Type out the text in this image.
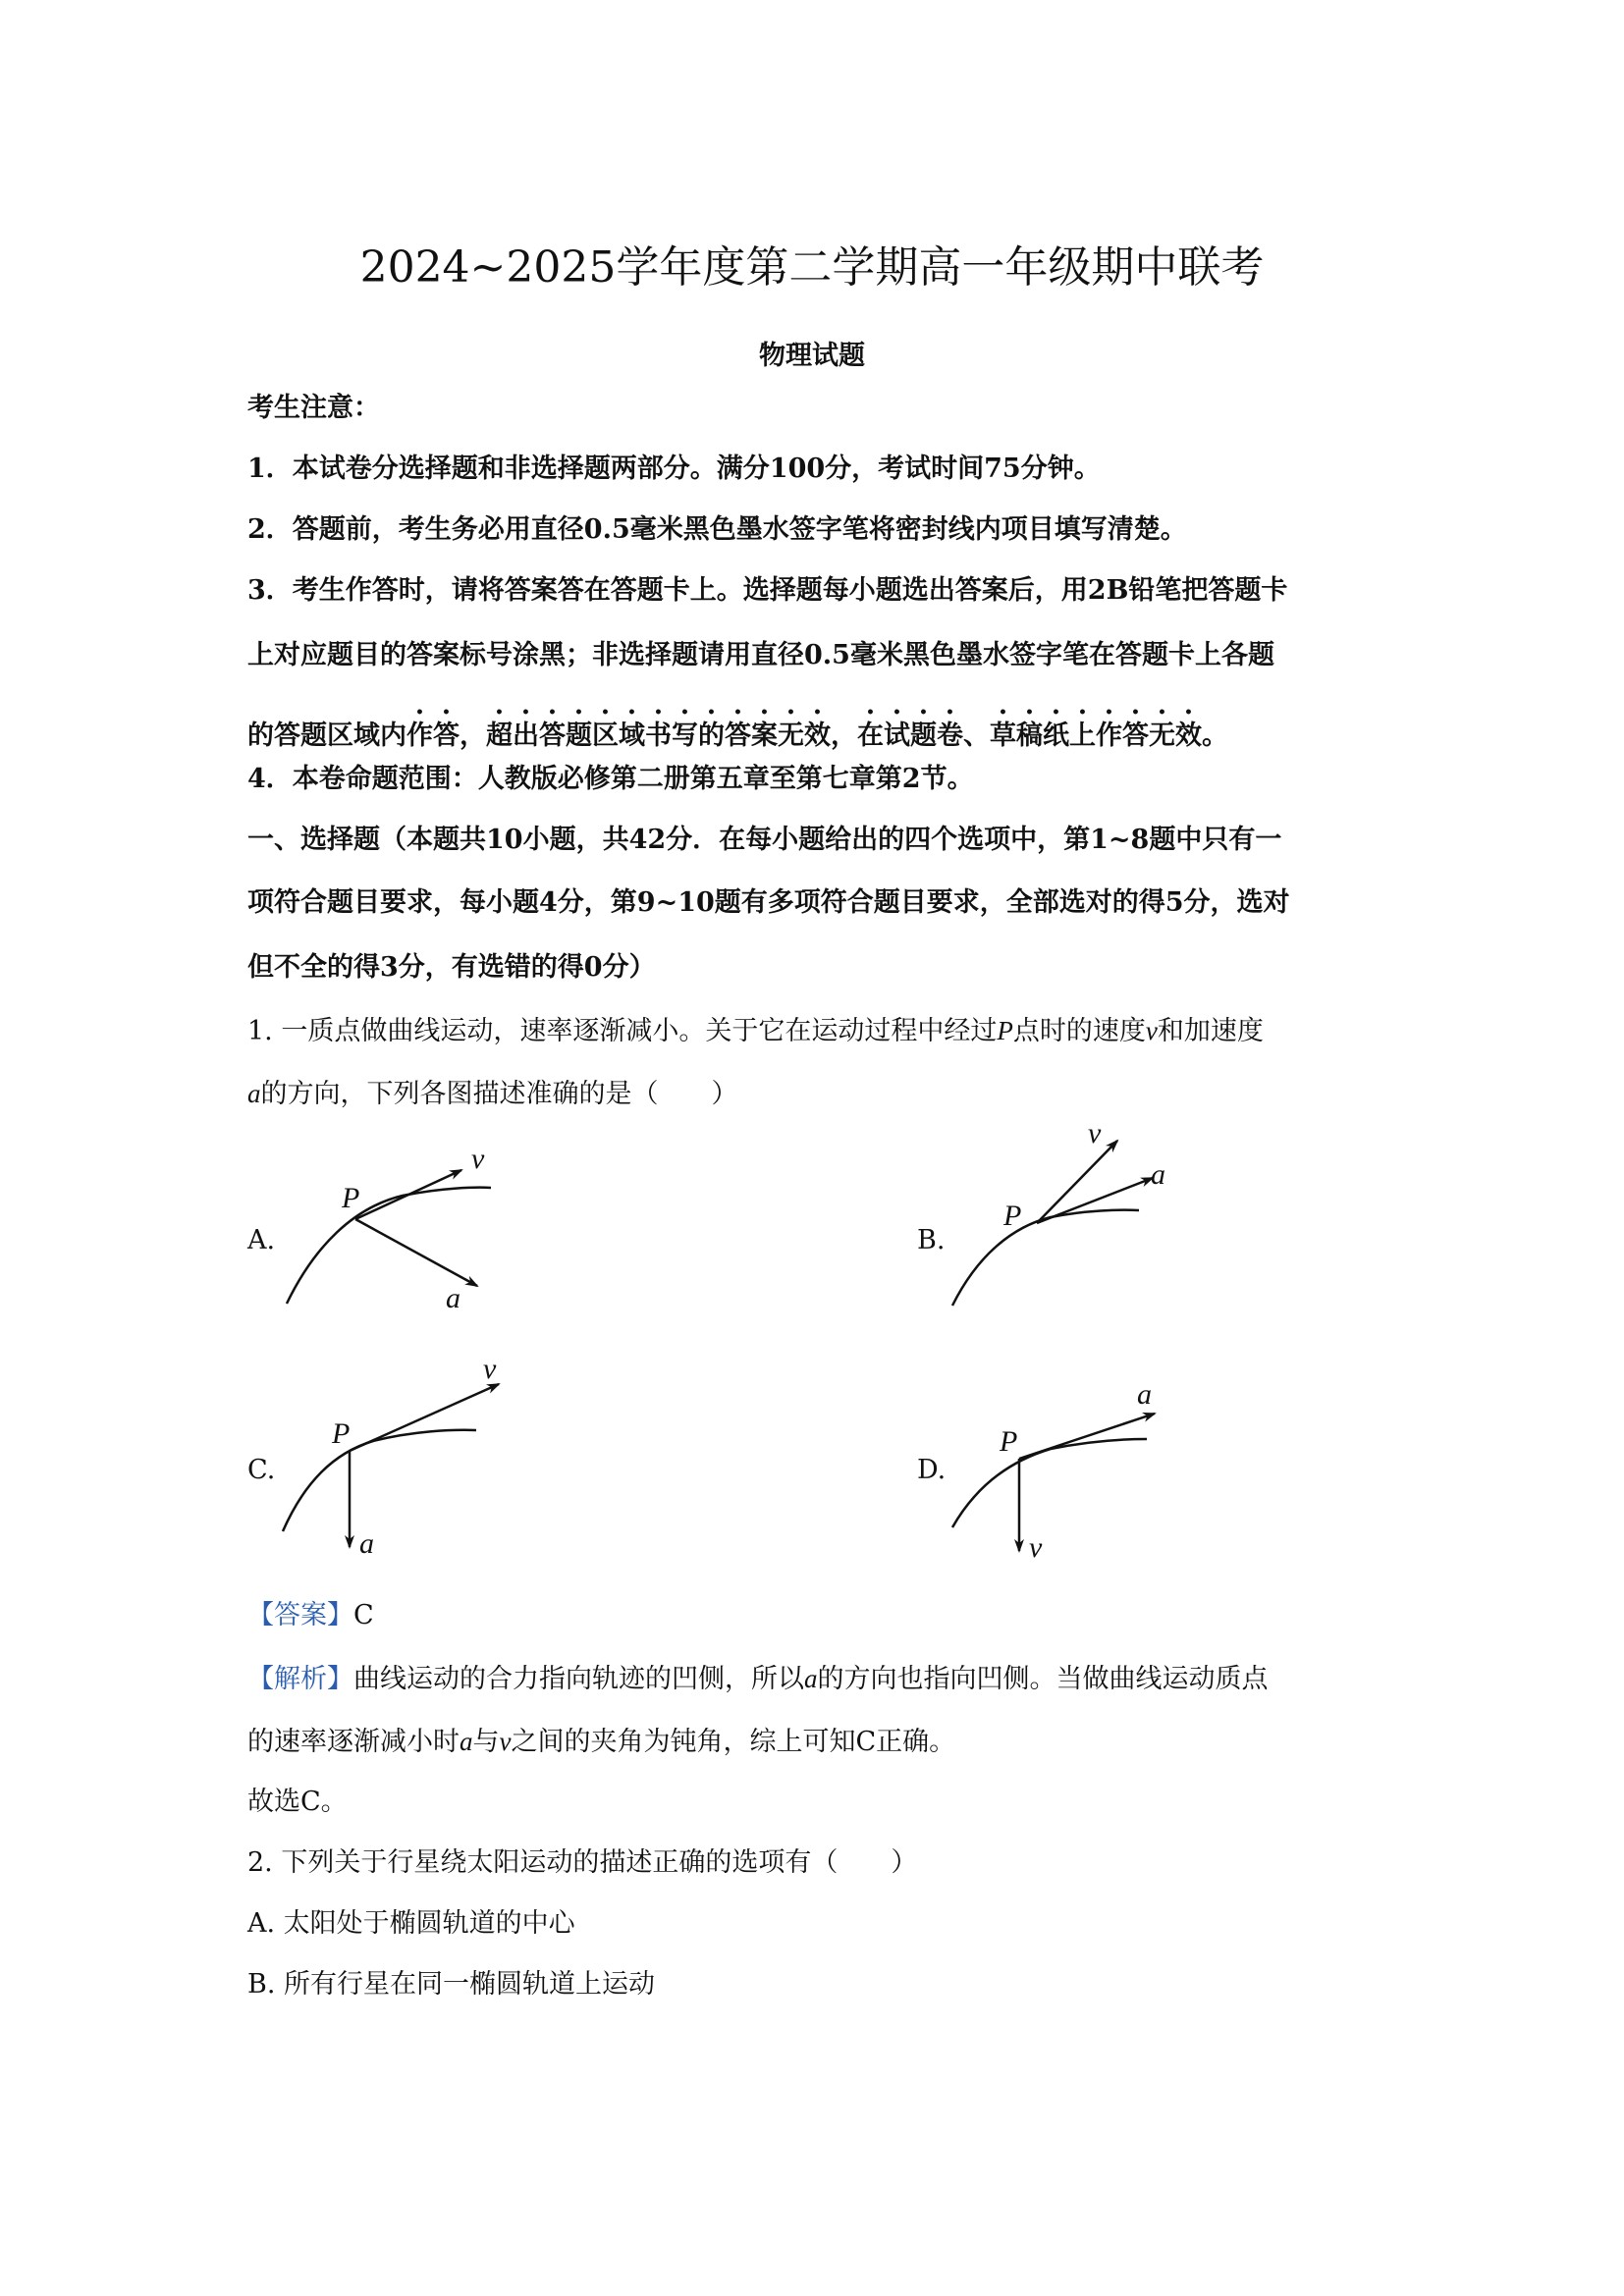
2024~2025学年度第二学期高一年级期中联考
物理试题
考生注意：
1．本试卷分选择题和非选择题两部分。满分100分，考试时间75分钟。
2．答题前，考生务必用直径0.5毫米黑色墨水签字笔将密封线内项目填写清楚。
3．考生作答时，请将答案答在答题卡上。选择题每小题选出答案后，用2B铅笔把答题卡
上对应题目的答案标号涂黑；非选择题请用直径0.5毫米黑色墨水签字笔在答题卡上各题
的答题区域内作答，超出答题区域书写的答案无效，在试题卷、草稿纸上作答无效。
4．本卷命题范围：人教版必修第二册第五章至第七章第2节。
一、选择题（本题共10小题，共42分．在每小题给出的四个选项中，第1~8题中只有一
项符合题目要求，每小题4分，第9~10题有多项符合题目要求，全部选对的得5分，选对
但不全的得3分，有选错的得0分）
1. 一质点做曲线运动，速率逐渐减小。关于它在运动过程中经过P点时的速度v和加速度
a的方向，下列各图描述准确的是（　　）
A.
P
v
a
B.
P
v
a
C.
P
v
a
D.
P
a
v
【答案】C
【解析】曲线运动的合力指向轨迹的凹侧，所以a的方向也指向凹侧。当做曲线运动质点
的速率逐渐减小时a与v之间的夹角为钝角，综上可知C正确。
故选C。
2. 下列关于行星绕太阳运动的描述正确的选项有（　　）
A. 太阳处于椭圆轨道的中心
B. 所有行星在同一椭圆轨道上运动
